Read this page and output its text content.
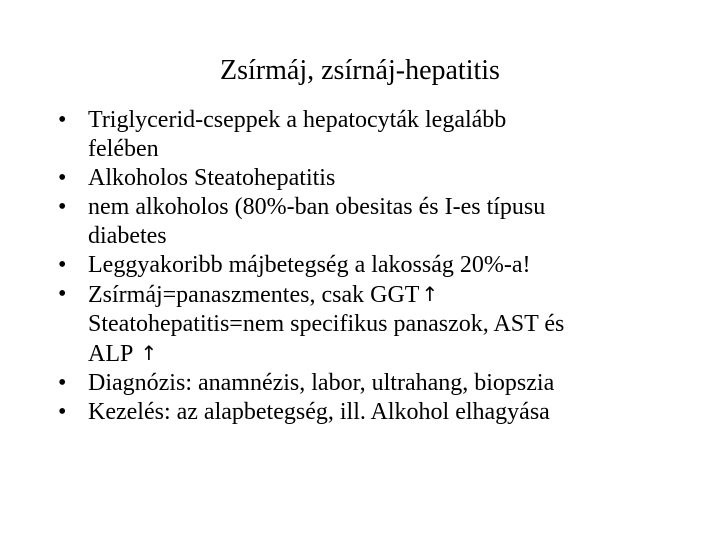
Zsírmáj, zsírnáj-hepatitis
• Triglycerid-cseppek a hepatocyták legalább
felében
• Alkoholos Steatohepatitis
• nem alkoholos (80%-ban obesitas és I-es típusu
diabetes
• Leggyakoribb májbetegség a lakosság 20%-a!
• Zsírmáj=panaszmentes, csak GGT ↑
Steatohepatitis=nem specifikus panaszok, AST és
ALP ↑
• Diagnózis: anamnézis, labor, ultrahang, biopszia
• Kezelés: az alapbetegség, ill. Alkohol elhagyása
